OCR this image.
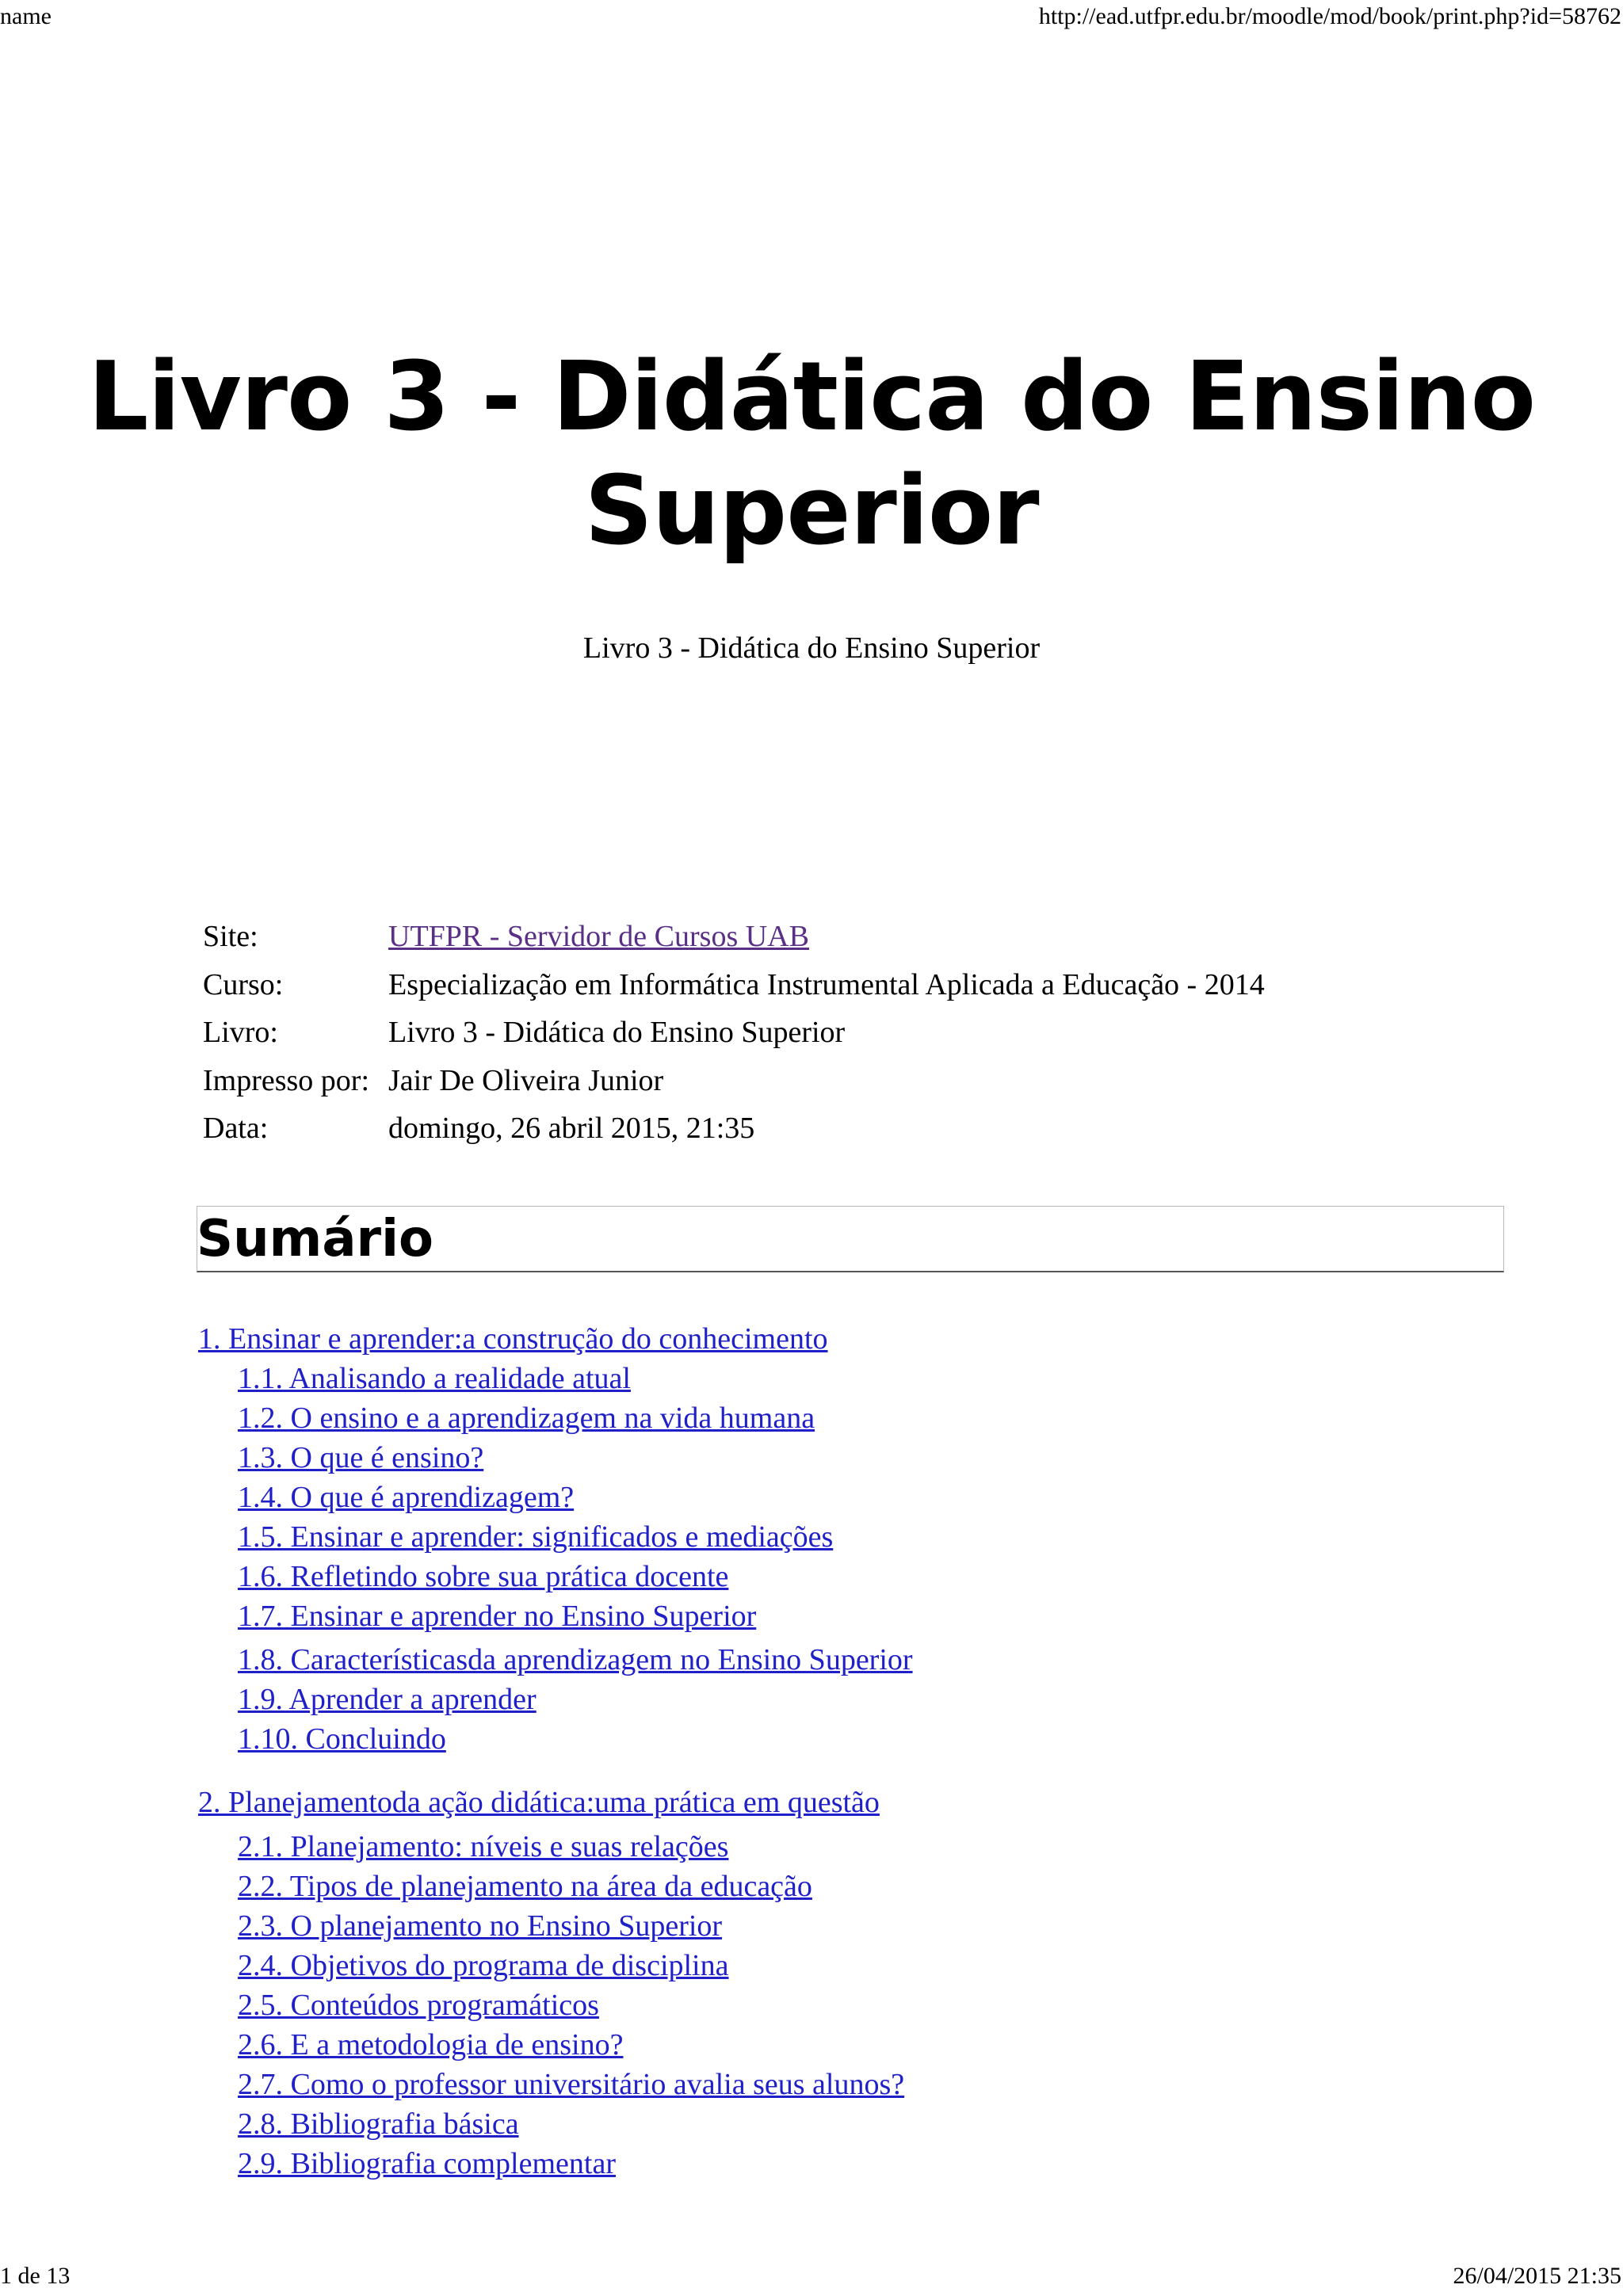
name	http://ead.utfpr.edu.br/moodle/mod/book/print.php?id=58762
Livro 3 - Didática do Ensino Superior
Livro 3 - Didática do Ensino Superior
Site:	UTFPR - Servidor de Cursos UAB
Curso:	Especialização em Informática Instrumental Aplicada a Educação - 2014
Livro:	Livro 3 - Didática do Ensino Superior
Impresso por:	Jair De Oliveira Junior
Data:	domingo, 26 abril 2015, 21:35
Sumário
1. Ensinar e aprender:a construção do conhecimento
1.1. Analisando a realidade atual
1.2. O ensino e a aprendizagem na vida humana
1.3. O que é ensino?
1.4. O que é aprendizagem?
1.5. Ensinar e aprender: significados e mediações
1.6. Refletindo sobre sua prática docente
1.7. Ensinar e aprender no Ensino Superior
1.8. Característicasda aprendizagem no Ensino Superior
1.9. Aprender a aprender
1.10. Concluindo
2. Planejamentoda ação didática:uma prática em questão
2.1. Planejamento: níveis e suas relações
2.2. Tipos de planejamento na área da educação
2.3. O planejamento no Ensino Superior
2.4. Objetivos do programa de disciplina
2.5. Conteúdos programáticos
2.6. E a metodologia de ensino?
2.7. Como o professor universitário avalia seus alunos?
2.8. Bibliografia básica
2.9. Bibliografia complementar
1 de 13	26/04/2015 21:35
